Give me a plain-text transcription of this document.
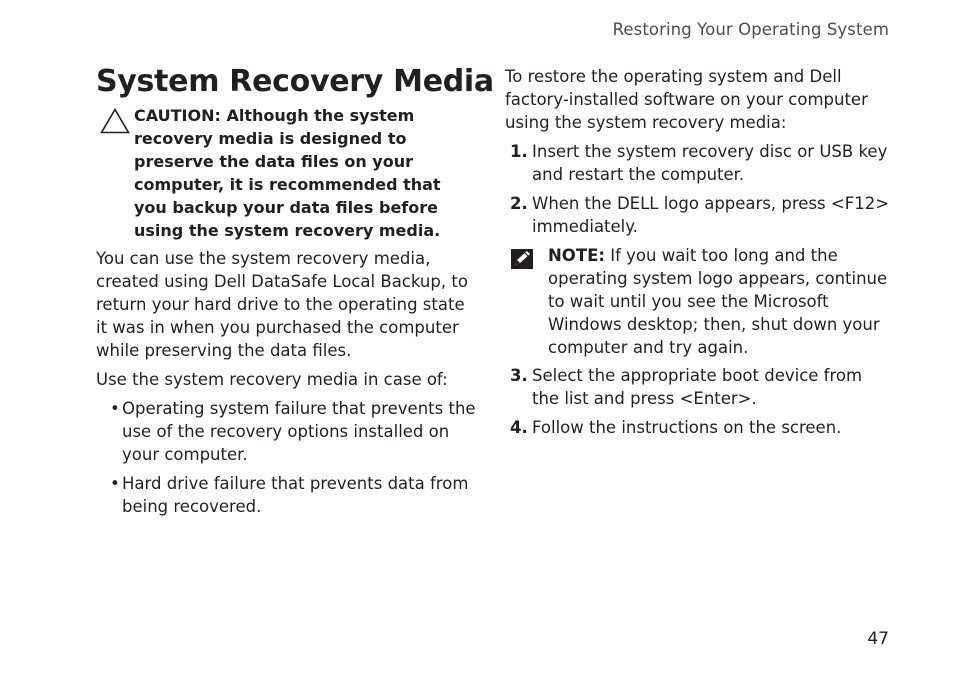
Restoring Your Operating System
System Recovery Media

CAUTION: Although the system recovery media is designed to preserve the data files on your computer, it is recommended that you backup your data files before using the system recovery media.

You can use the system recovery media, created using Dell DataSafe Local Backup, to return your hard drive to the operating state it was in when you purchased the computer while preserving the data files.

Use the system recovery media in case of:

• Operating system failure that prevents the use of the recovery options installed on your computer.
• Hard drive failure that prevents data from being recovered.

To restore the operating system and Dell factory-installed software on your computer using the system recovery media:

1. Insert the system recovery disc or USB key and restart the computer.
2. When the DELL logo appears, press <F12> immediately.
NOTE: If you wait too long and the operating system logo appears, continue to wait until you see the Microsoft Windows desktop; then, shut down your computer and try again.
3. Select the appropriate boot device from the list and press <Enter>.
4. Follow the instructions on the screen.
47
